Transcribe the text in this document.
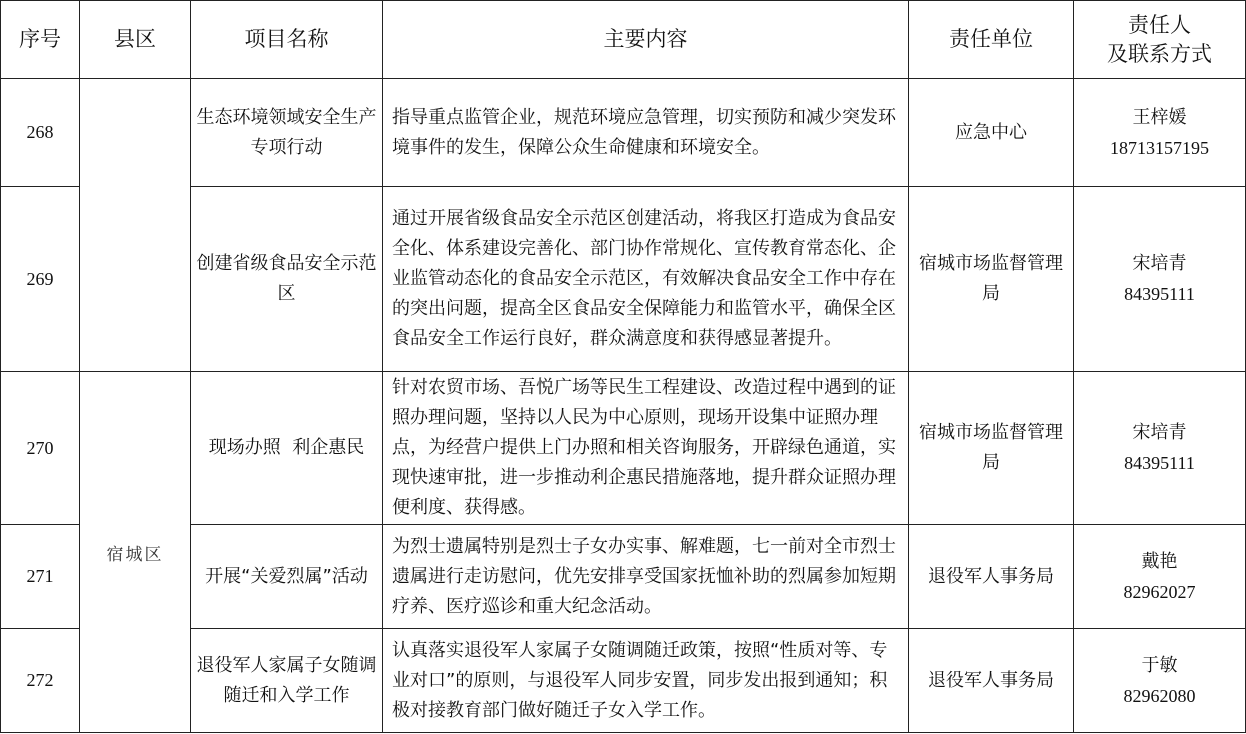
序号	县区	项目名称	主要内容	责任单位	责任人
及联系方式

268		生态环境领域安全生产专项行动	指导重点监管企业，规范环境应急管理，切实预防和减少突发环境事件的发生，保障公众生命健康和环境安全。	应急中心	王梓媛
18713157195

269		创建省级食品安全示范区	通过开展省级食品安全示范区创建活动，将我区打造成为食品安全化、体系建设完善化、部门协作常规化、宣传教育常态化、企业监管动态化的食品安全示范区，有效解决食品安全工作中存在的突出问题，提高全区食品安全保障能力和监管水平，确保全区食品安全工作运行良好，群众满意度和获得感显著提升。	宿城市场监督管理局	宋培青
84395111

270	宿城区	现场办照  利企惠民	针对农贸市场、吾悦广场等民生工程建设、改造过程中遇到的证照办理问题，坚持以人民为中心原则，现场开设集中证照办理点，为经营户提供上门办照和相关咨询服务，开辟绿色通道，实现快速审批，进一步推动利企惠民措施落地，提升群众证照办理便利度、获得感。	宿城市场监督管理局	宋培青
84395111

271		开展“关爱烈属”活动	为烈士遗属特别是烈士子女办实事、解难题，七一前对全市烈士遗属进行走访慰问，优先安排享受国家抚恤补助的烈属参加短期疗养、医疗巡诊和重大纪念活动。	退役军人事务局	戴艳
82962027

272		退役军人家属子女随调随迁和入学工作	认真落实退役军人家属子女随调随迁政策，按照“性质对等、专业对口”的原则，与退役军人同步安置，同步发出报到通知；积极对接教育部门做好随迁子女入学工作。	退役军人事务局	于敏
82962080
